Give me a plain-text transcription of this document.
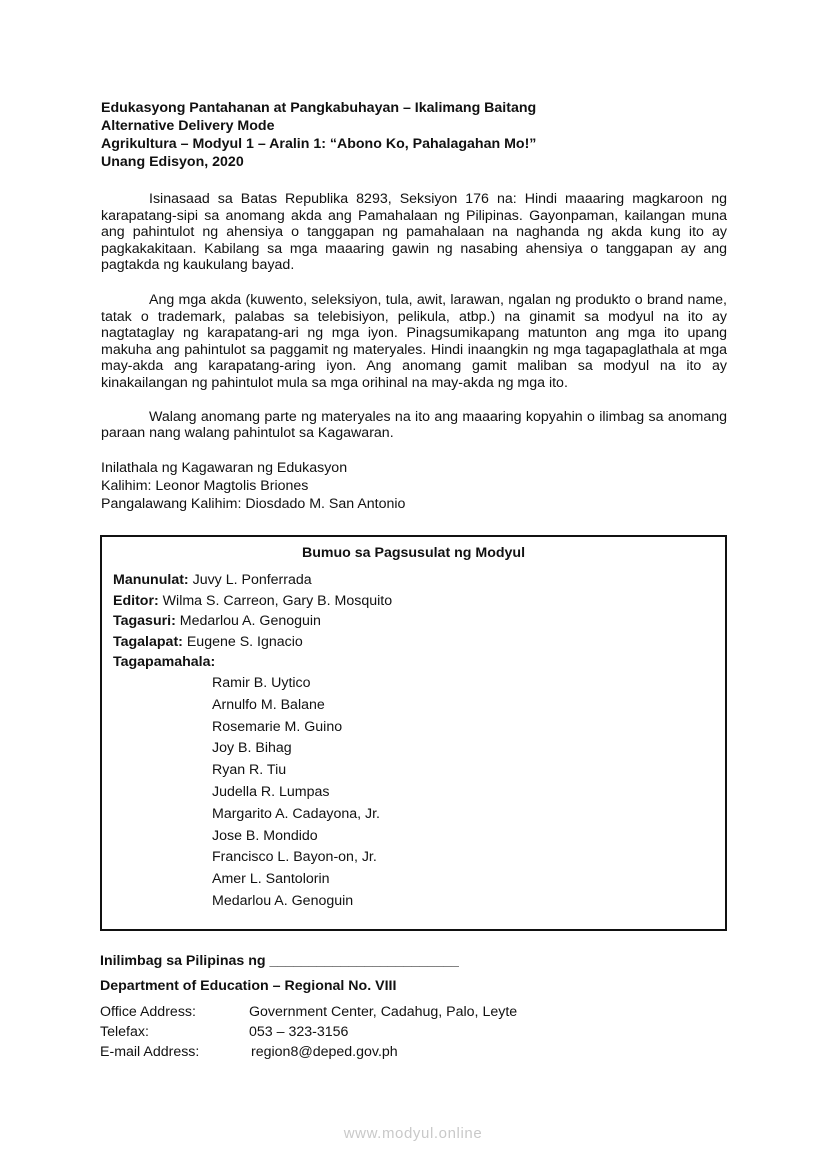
Edukasyong Pantahanan at Pangkabuhayan – Ikalimang Baitang

Alternative Delivery Mode

Agrikultura – Modyul 1 – Aralin 1: “Abono Ko, Pahalagahan Mo!”

Unang Edisyon, 2020

Isinasaad sa Batas Republika 8293, Seksiyon 176 na: Hindi maaaring magkaroon ng karapatang-sipi sa anomang akda ang Pamahalaan ng Pilipinas. Gayonpaman, kailangan muna ang pahintulot ng ahensiya o tanggapan ng pamahalaan na naghanda ng akda kung ito ay pagkakakitaan. Kabilang sa mga maaaring gawin ng nasabing ahensiya o tanggapan ay ang pagtakda ng kaukulang bayad.

Ang mga akda (kuwento, seleksiyon, tula, awit, larawan, ngalan ng produkto o brand name, tatak o trademark, palabas sa telebisiyon, pelikula, atbp.) na ginamit sa modyul na ito ay nagtataglay ng karapatang-ari ng mga iyon. Pinagsumikapang matunton ang mga ito upang makuha ang pahintulot sa paggamit ng materyales. Hindi inaangkin ng mga tagapaglathala at mga may-akda ang karapatang-aring iyon. Ang anomang gamit maliban sa modyul na ito ay kinakailangan ng pahintulot mula sa mga orihinal na may-akda ng mga ito.

Walang anomang parte ng materyales na ito ang maaaring kopyahin o ilimbag sa anomang paraan nang walang pahintulot sa Kagawaran.

Inilathala ng Kagawaran ng Edukasyon

Kalihim: Leonor Magtolis Briones

Pangalawang Kalihim: Diosdado M. San Antonio

Bumuo sa Pagsusulat ng Modyul
Manunulat: Juvy L. Ponferrada
Editor: Wilma S. Carreon, Gary B. Mosquito
Tagasuri: Medarlou A. Genoguin
Tagalapat: Eugene S. Ignacio
Tagapamahala:
Ramir B. Uytico
Arnulfo M. Balane
Rosemarie M. Guino
Joy B. Bihag
Ryan R. Tiu
Judella R. Lumpas
Margarito A. Cadayona, Jr.
Jose B. Mondido
Francisco L. Bayon-on, Jr.
Amer L. Santolorin
Medarlou A. Genoguin
Inilimbag sa Pilipinas ng ________________________
Department of Education – Regional No. VIII
Office Address:	Government Center, Cadahug, Palo, Leyte
Telefax:	053 – 323-3156
E-mail Address:	region8@deped.gov.ph
www.modyul.online
